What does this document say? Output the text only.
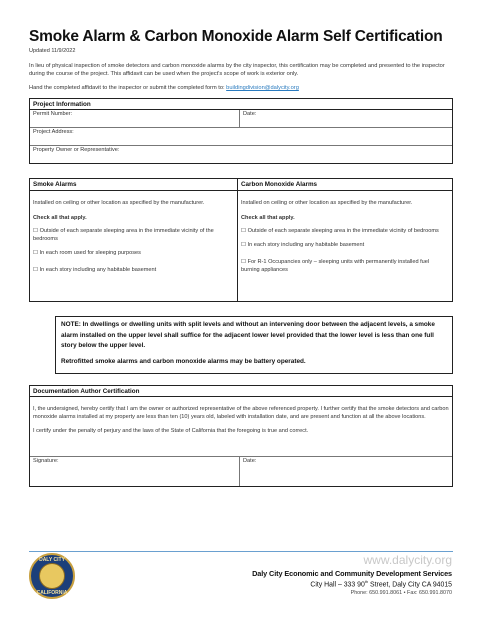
Smoke Alarm & Carbon Monoxide Alarm Self Certification
Updated 11/9/2022
In lieu of physical inspection of smoke detectors and carbon monoxide alarms by the city inspector, this certification may be completed and presented to the inspector during the course of the project. This affidavit can be used when the project’s scope of work is exterior only.
Hand the completed affidavit to the inspector or submit the completed form to: buildingdivision@dalycity.org
Project Information
Permit Number:	Date:
Project Address:
Property Owner or Representative:
Smoke Alarms
Installed on ceiling or other location as specified by the manufacturer.
Check all that apply.
☐ Outside of each separate sleeping area in the immediate vicinity of the bedrooms
☐ In each room used for sleeping purposes
☐ In each story including any habitable basement
Carbon Monoxide Alarms
Installed on ceiling or other location as specified by the manufacturer.
Check all that apply.
☐ Outside of each separate sleeping area in the immediate vicinity of bedrooms
☐ In each story including any habitable basement
☐ For R-1 Occupancies only – sleeping units with permanently installed fuel burning appliances
NOTE: In dwellings or dwelling units with split levels and without an intervening door between the adjacent levels, a smoke alarm installed on the upper level shall suffice for the adjacent lower level provided that the lower level is less than one full story below the upper level.
Retrofitted smoke alarms and carbon monoxide alarms may be battery operated.
Documentation Author Certification
I, the undersigned, hereby certify that I am the owner or authorized representative of the above referenced property. I further certify that the smoke detectors and carbon monoxide alarms installed at my property are less than ten (10) years old, labeled with installation date, and are present and function at all the above locations.
I certify under the penalty of perjury and the laws of the State of California that the foregoing is true and correct.
Signature:	Date:
DALY CITY
CALIFORNIA
www.dalycity.org
Daly City Economic and Community Development Services
City Hall – 333 90th Street, Daly City CA 94015
Phone: 650.991.8061 • Fax: 650.991.8070
